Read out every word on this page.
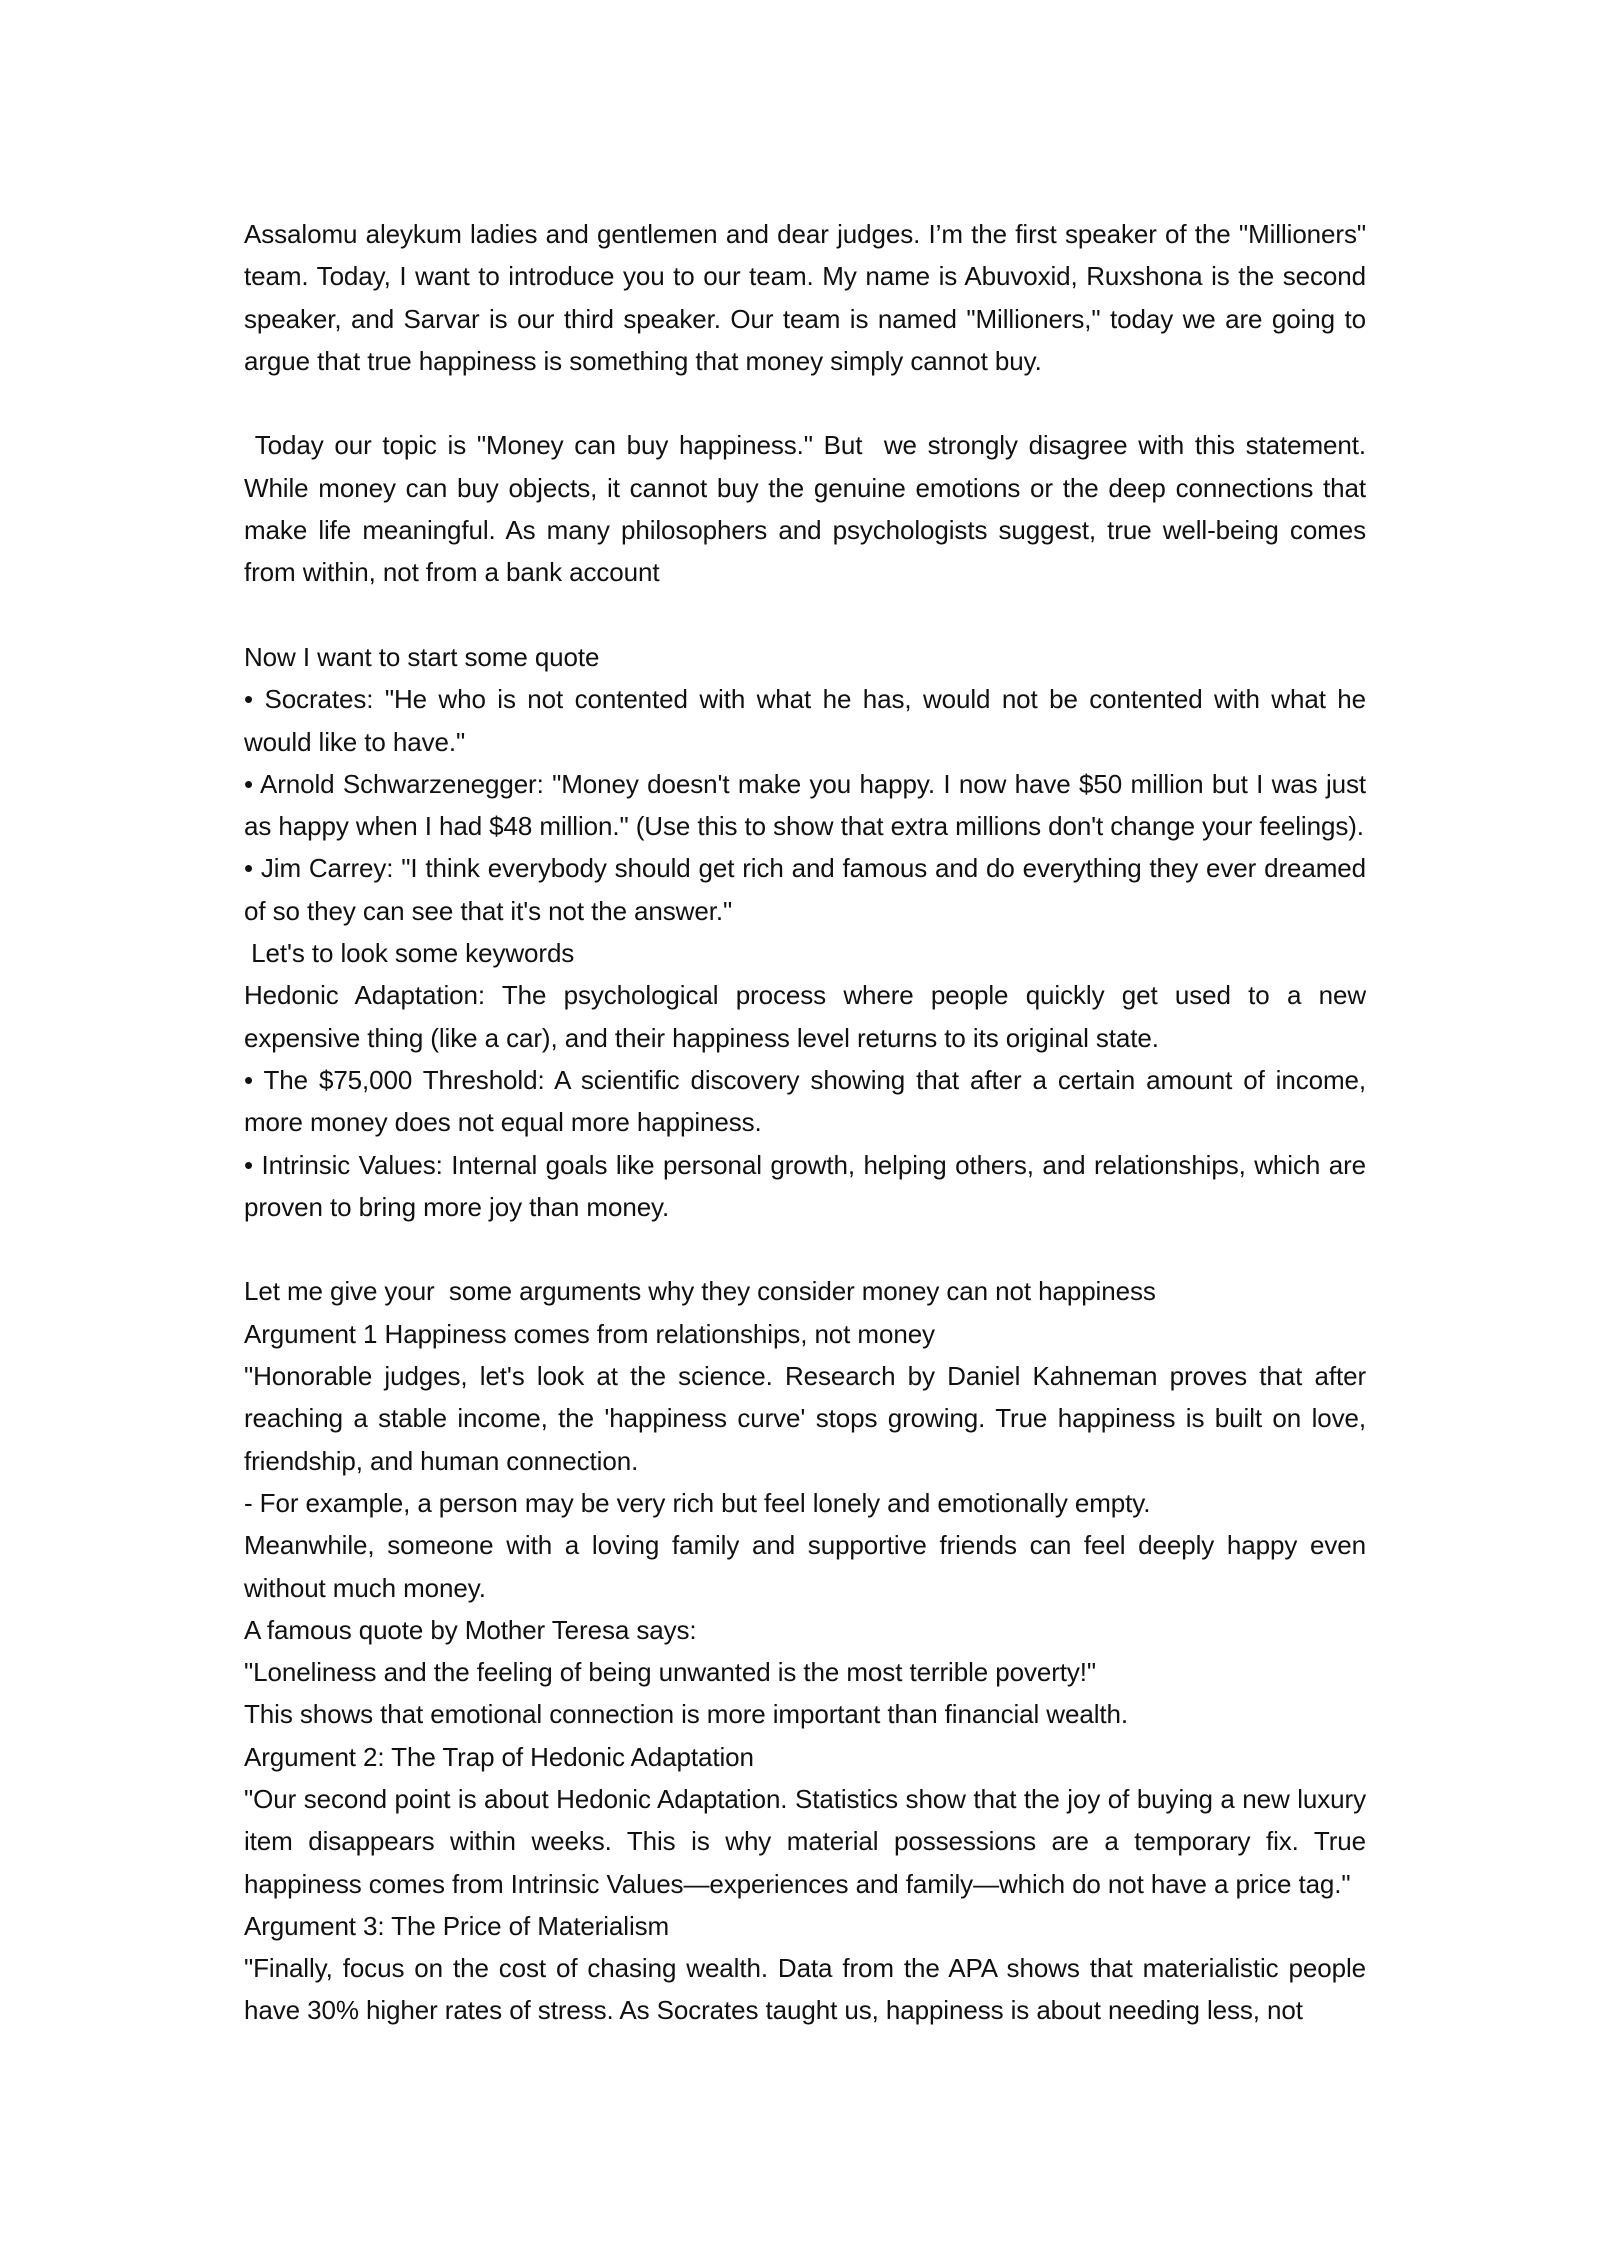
Assalomu aleykum ladies and gentlemen and dear judges. I’m the first speaker of the "Millioners" team. Today, I want to introduce you to our team. My name is Abuvoxid, Ruxshona is the second speaker, and Sarvar is our third speaker. Our team is named "Millioners," today we are going to argue that true happiness is something that money simply cannot buy.

Today our topic is "Money can buy happiness." But  we strongly disagree with this statement. While money can buy objects, it cannot buy the genuine emotions or the deep connections that make life meaningful. As many philosophers and psychologists suggest, true well-being comes from within, not from a bank account

Now I want to start some quote

• Socrates: "He who is not contented with what he has, would not be contented with what he would like to have."

• Arnold Schwarzenegger: "Money doesn't make you happy. I now have $50 million but I was just as happy when I had $48 million." (Use this to show that extra millions don't change your feelings).

• Jim Carrey: "I think everybody should get rich and famous and do everything they ever dreamed of so they can see that it's not the answer."

Let's to look some keywords

Hedonic Adaptation: The psychological process where people quickly get used to a new expensive thing (like a car), and their happiness level returns to its original state.

• The $75,000 Threshold: A scientific discovery showing that after a certain amount of income, more money does not equal more happiness.

• Intrinsic Values: Internal goals like personal growth, helping others, and relationships, which are proven to bring more joy than money.

Let me give your  some arguments why they consider money can not happiness

Argument 1 Happiness comes from relationships, not money

"Honorable judges, let's look at the science. Research by Daniel Kahneman proves that after reaching a stable income, the 'happiness curve' stops growing. True happiness is built on love, friendship, and human connection.

- For example, a person may be very rich but feel lonely and emotionally empty.

Meanwhile, someone with a loving family and supportive friends can feel deeply happy even without much money.

A famous quote by Mother Teresa says:

"Loneliness and the feeling of being unwanted is the most terrible poverty!"

This shows that emotional connection is more important than financial wealth.

Argument 2: The Trap of Hedonic Adaptation

"Our second point is about Hedonic Adaptation. Statistics show that the joy of buying a new luxury item disappears within weeks. This is why material possessions are a temporary fix. True happiness comes from Intrinsic Values—experiences and family—which do not have a price tag."

Argument 3: The Price of Materialism

"Finally, focus on the cost of chasing wealth. Data from the APA shows that materialistic people have 30% higher rates of stress. As Socrates taught us, happiness is about needing less, not
